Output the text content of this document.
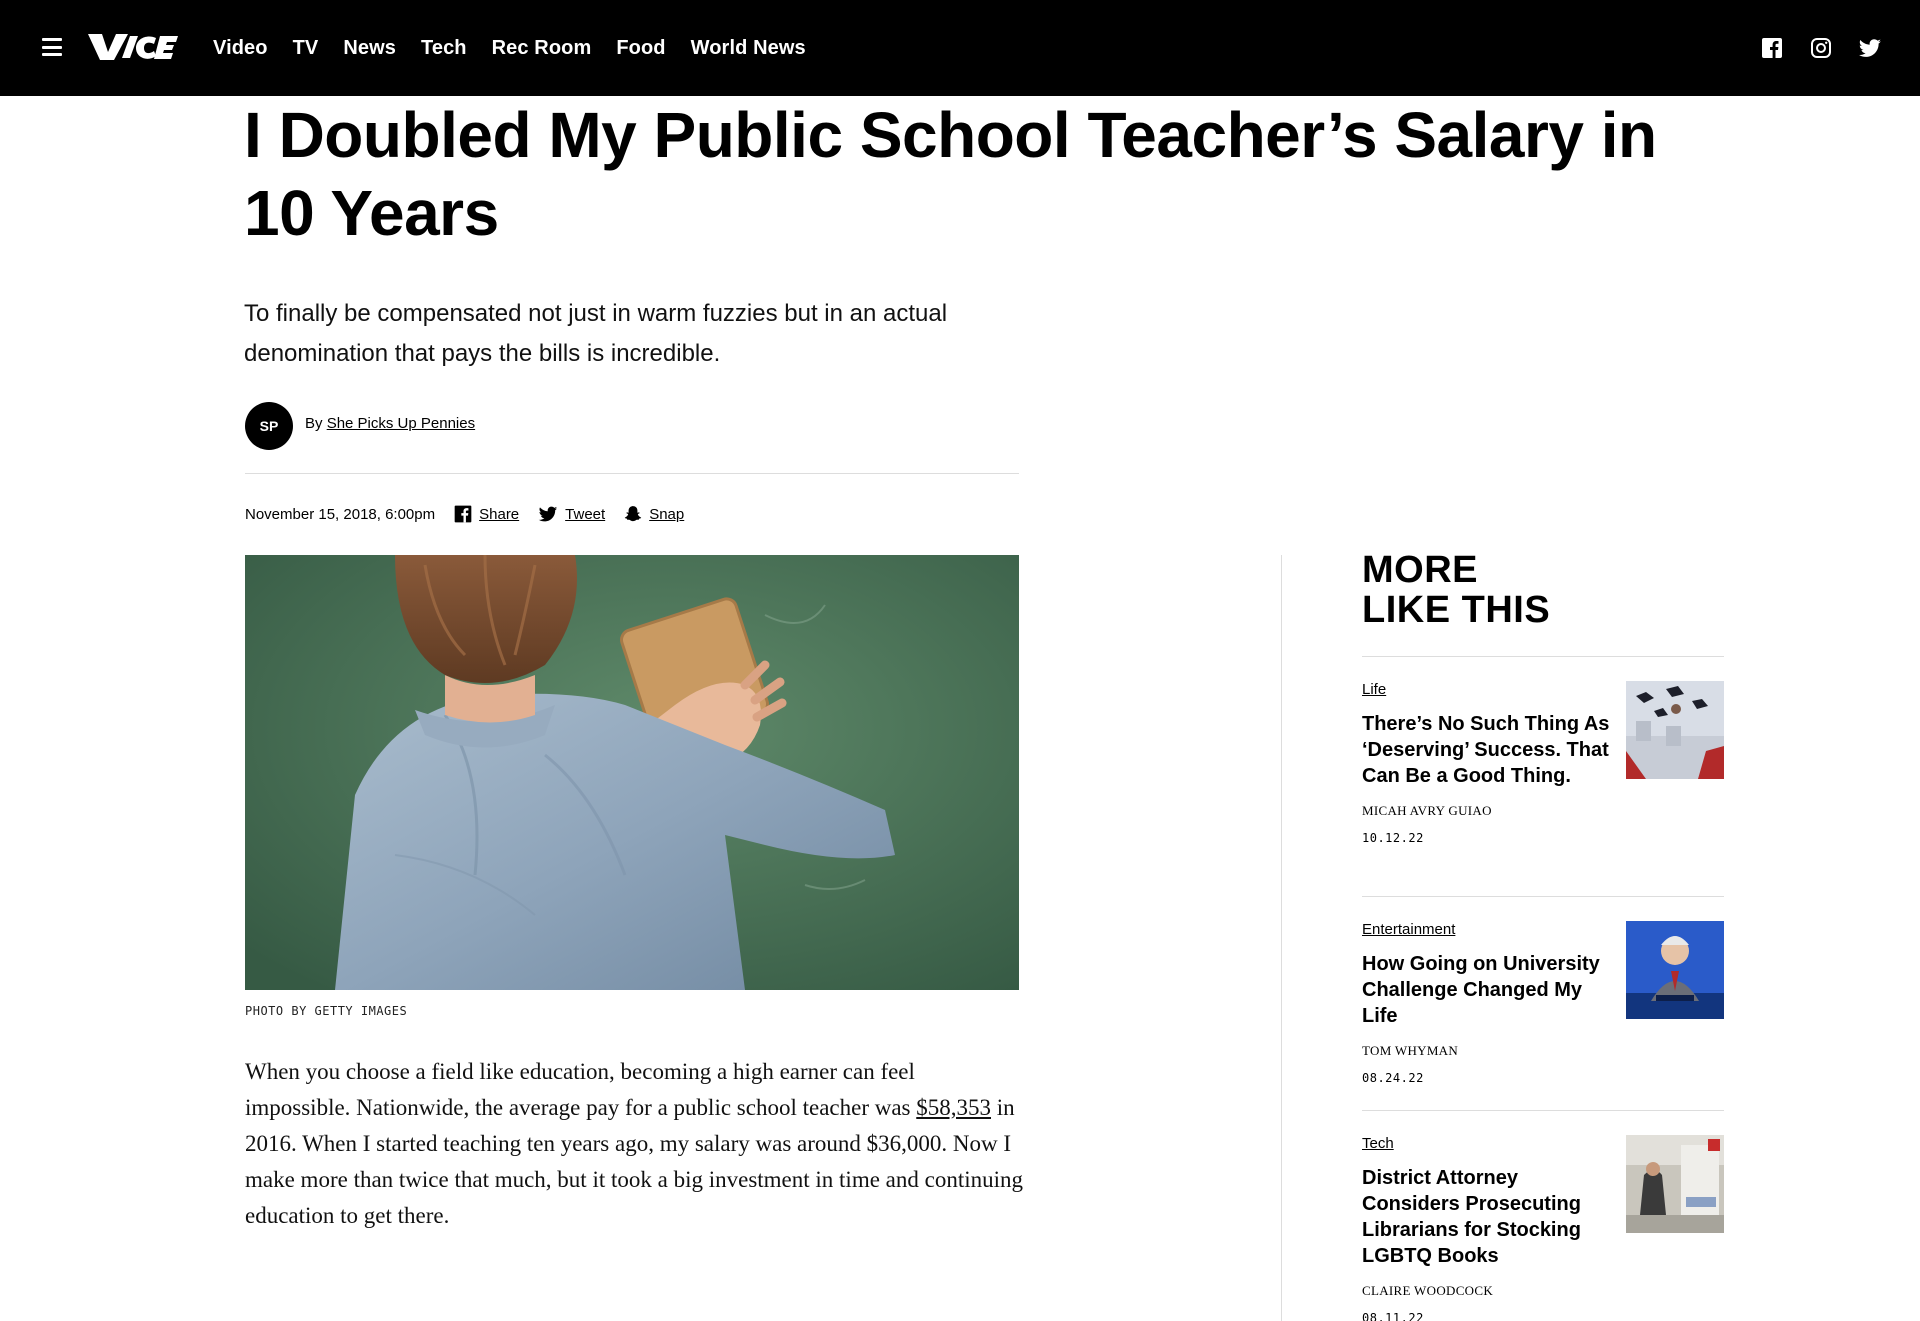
Video TV News Tech Rec Room Food World News
I Doubled My Public School Teacher’s Salary in 10 Years

To finally be compensated not just in warm fuzzies but in an actual denomination that pays the bills is incredible.

SP	By She Picks Up Pennies
November 15, 2018, 6:00pm	Share	Tweet	Snap
PHOTO BY GETTY IMAGES

When you choose a field like education, becoming a high earner can feel impossible. Nationwide, the average pay for a public school teacher was $58,353 in 2016. When I started teaching ten years ago, my salary was around $36,000. Now I make more than twice that much, but it took a big investment in time and continuing education to get there.

MORE
LIKE THIS
Life
There’s No Such Thing As ‘Deserving’ Success. That Can Be a Good Thing.
MICAH AVRY GUIAO
10.12.22
Entertainment
How Going on University Challenge Changed My Life
TOM WHYMAN
08.24.22
Tech
District Attorney Considers Prosecuting Librarians for Stocking LGBTQ Books
CLAIRE WOODCOCK
08.11.22
